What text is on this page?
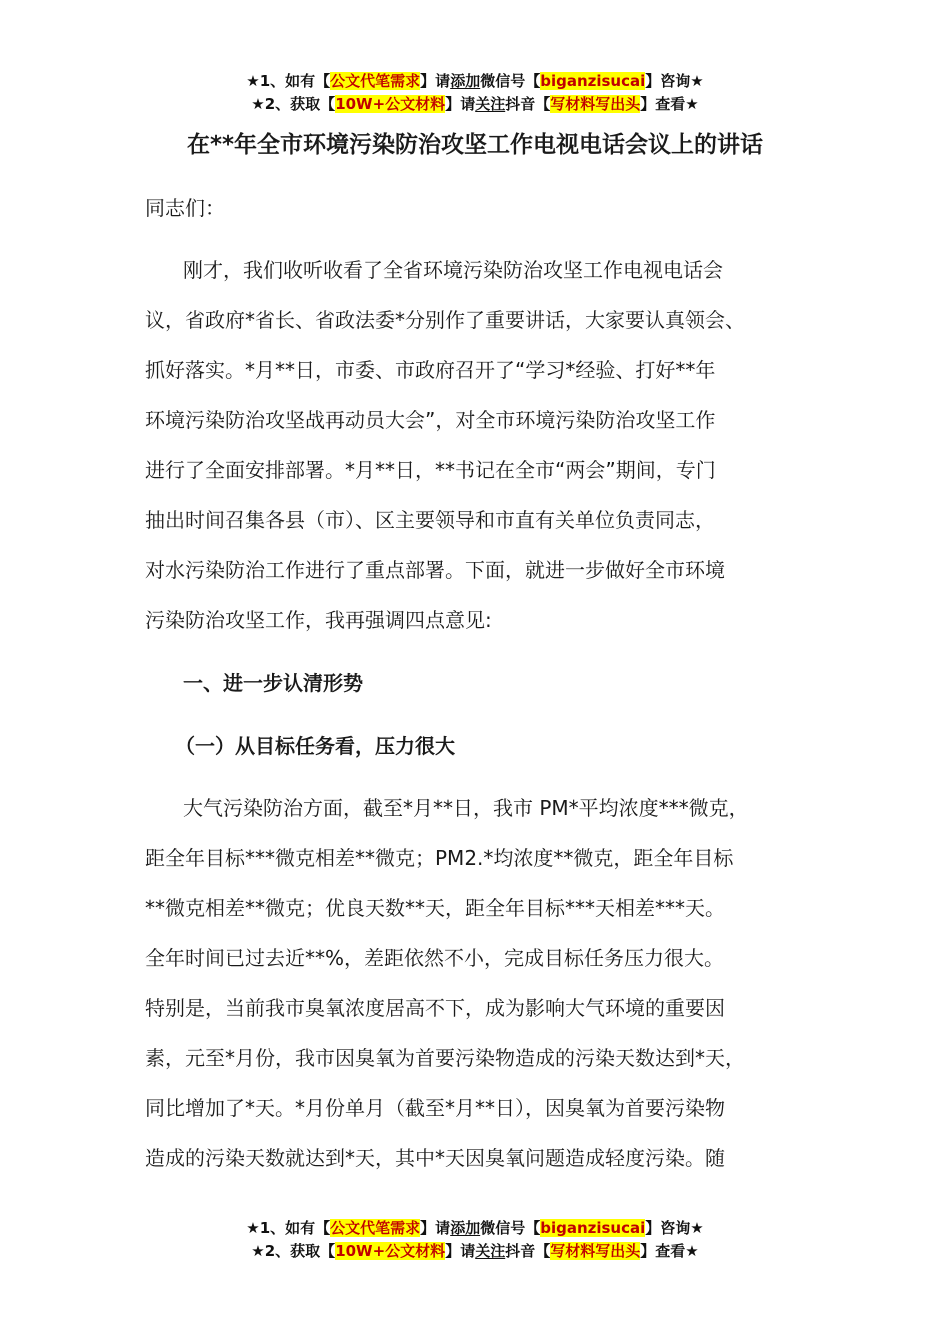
★1、如有【公文代笔需求】请添加微信号【biganzisucai】咨询★
★2、获取【10W+公文材料】请关注抖音【写材料写出头】查看★
在**年全市环境污染防治攻坚工作电视电话会议上的讲话
同志们：
刚才，我们收听收看了全省环境污染防治攻坚工作电视电话会
议，省政府*省长、省政法委*分别作了重要讲话，大家要认真领会、
抓好落实。*月**日，市委、市政府召开了“学习*经验、打好**年
环境污染防治攻坚战再动员大会”，对全市环境污染防治攻坚工作
进行了全面安排部署。*月**日，**书记在全市“两会”期间，专门
抽出时间召集各县（市）、区主要领导和市直有关单位负责同志，
对水污染防治工作进行了重点部署。下面，就进一步做好全市环境
污染防治攻坚工作，我再强调四点意见:
一、进一步认清形势
（一）从目标任务看，压力很大
大气污染防治方面，截至*月**日，我市 PM*平均浓度***微克，
距全年目标***微克相差**微克；PM2.*均浓度**微克，距全年目标
**微克相差**微克；优良天数**天，距全年目标***天相差***天。
全年时间已过去近**%，差距依然不小，完成目标任务压力很大。
特别是，当前我市臭氧浓度居高不下，成为影响大气环境的重要因
素，元至*月份，我市因臭氧为首要污染物造成的污染天数达到*天，
同比增加了*天。*月份单月（截至*月**日），因臭氧为首要污染物
造成的污染天数就达到*天，其中*天因臭氧问题造成轻度污染。随
★1、如有【公文代笔需求】请添加微信号【biganzisucai】咨询★
★2、获取【10W+公文材料】请关注抖音【写材料写出头】查看★
